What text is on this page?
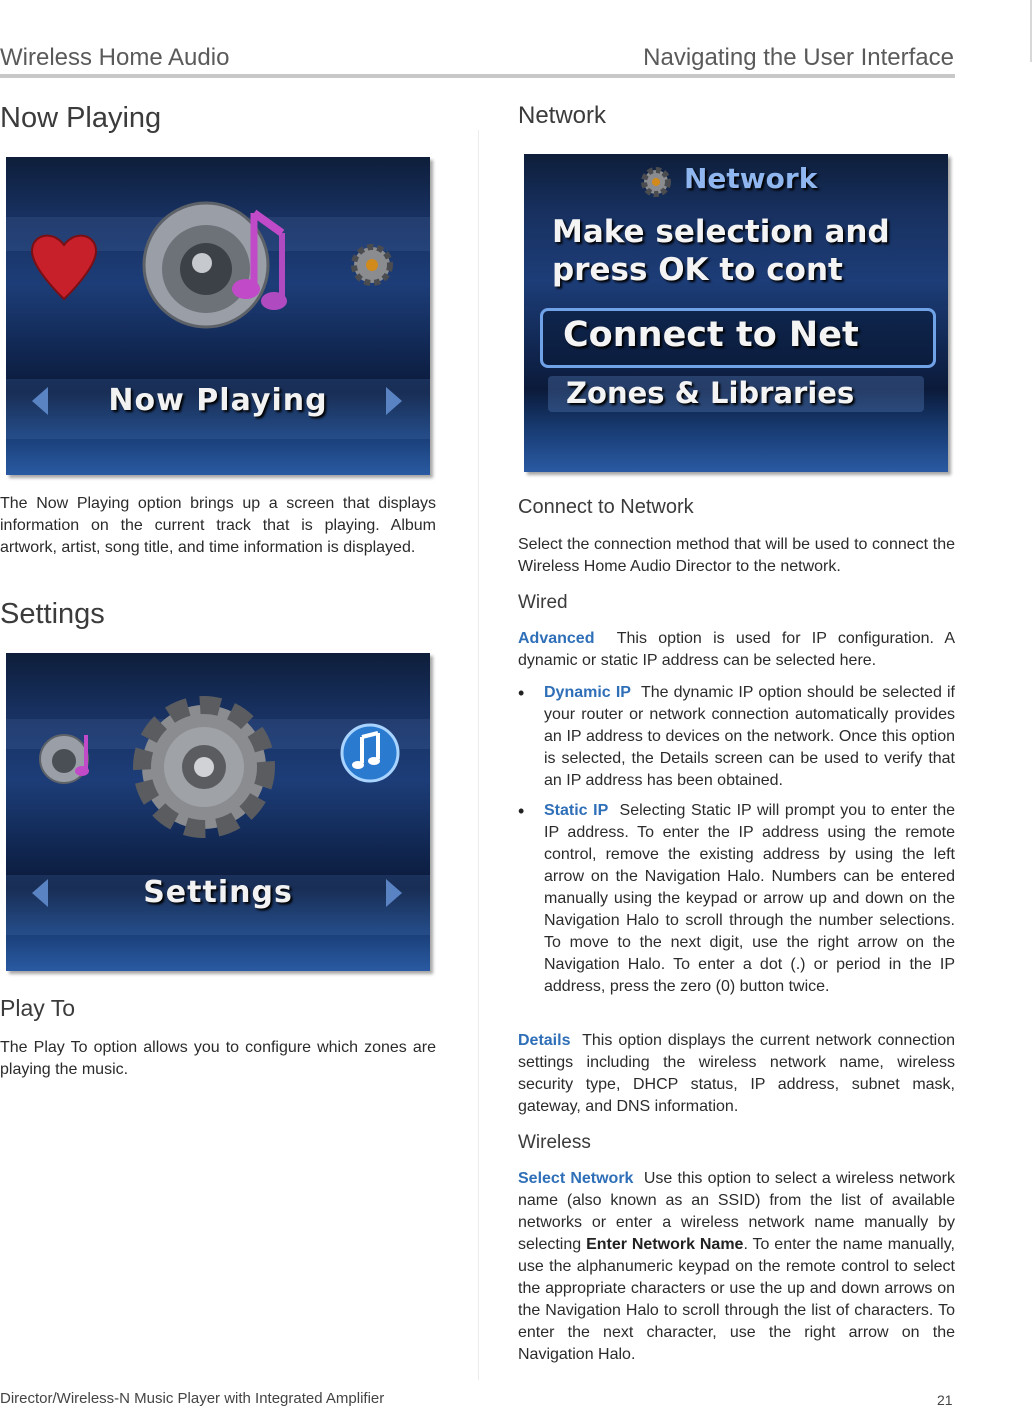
Wireless Home Audio	Navigating the User Interface
Now Playing
Now Playing
The Now Playing option brings up a screen that displays information on the current track that is playing. Album artwork, artist, song title, and time information is displayed.
Settings
Settings
Play To
The Play To option allows you to configure which zones are playing the music.
Network
Network
Make selection and
press OK to cont
Connect to Net
Zones & Libraries
Connect to Network
Select the connection method that will be used to connect the Wireless Home Audio Director to the network.
Wired
Advanced This option is used for IP configuration. A dynamic or static IP address can be selected here.
• Dynamic IP The dynamic IP option should be selected if your router or network connection automatically provides an IP address to devices on the network. Once this option is selected, the Details screen can be used to verify that an IP address has been obtained.
• Static IP Selecting Static IP will prompt you to enter the IP address. To enter the IP address using the remote control, remove the existing address by using the left arrow on the Navigation Halo. Numbers can be entered manually using the keypad or arrow up and down on the Navigation Halo to scroll through the number selections. To move to the next digit, use the right arrow on the Navigation Halo. To enter a dot (.) or period in the IP address, press the zero (0) button twice.
Details This option displays the current network connection settings including the wireless network name, wireless security type, DHCP status, IP address, subnet mask, gateway, and DNS information.
Wireless
Select Network Use this option to select a wireless network name (also known as an SSID) from the list of available networks or enter a wireless network name manually by selecting Enter Network Name. To enter the name manually, use the alphanumeric keypad on the remote control to select the appropriate characters or use the up and down arrows on the Navigation Halo to scroll through the list of characters. To enter the next character, use the right arrow on the Navigation Halo.
Director/Wireless-N Music Player with Integrated Amplifier	21
